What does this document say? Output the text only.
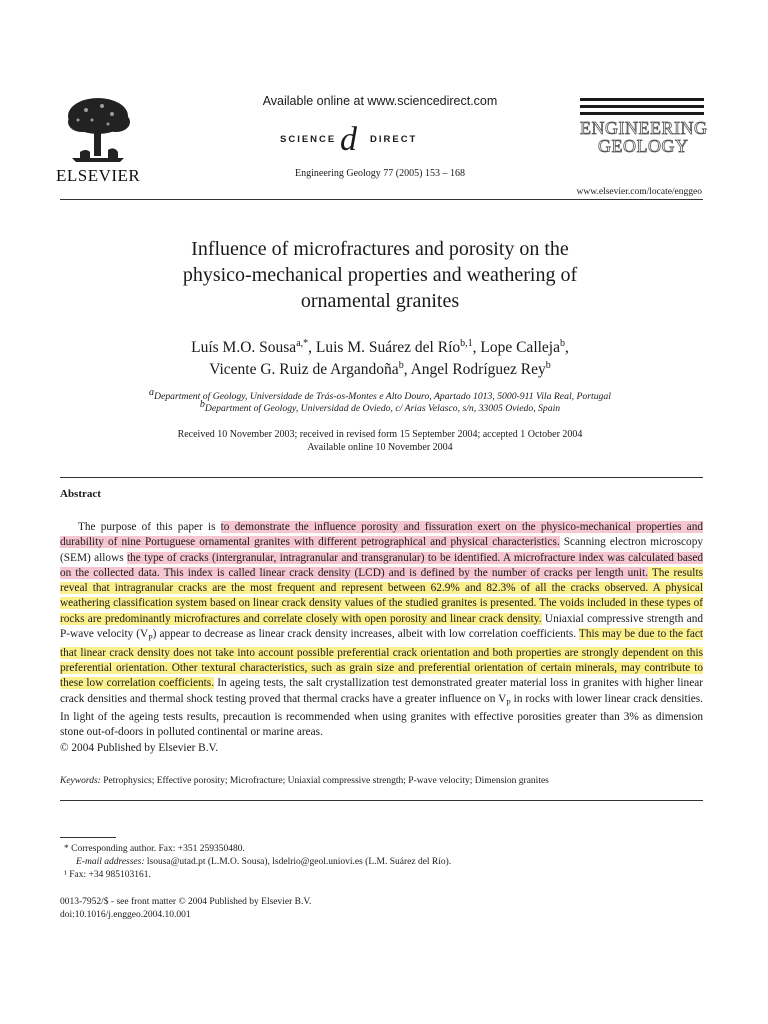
ELSEVIER
Available online at www.sciencedirect.com
SCIENCE d DIRECT
Engineering Geology 77 (2005) 153 – 168
ENGINEERING
GEOLOGY
www.elsevier.com/locate/enggeo
Influence of microfractures and porosity on the
physico-mechanical properties and weathering of
ornamental granites
Luís M.O. Sousa$^{a,*}$, Luis M. Suárez del Río$^{b,1}$, Lope Calleja$^b$,
Vicente G. Ruiz de Argandoña$^b$, Angel Rodríguez Rey$^b$
$^a$Department of Geology, Universidade de Trás-os-Montes e Alto Douro, Apartado 1013, 5000-911 Vila Real, Portugal
$^b$Department of Geology, Universidad de Oviedo, c/ Arias Velasco, s/n, 33005 Oviedo, Spain
Received 10 November 2003; received in revised form 15 September 2004; accepted 1 October 2004
Available online 10 November 2004
Abstract
The purpose of this paper is to demonstrate the influence porosity and fissuration exert on the physico-mechanical properties and durability of nine Portuguese ornamental granites with different petrographical and physical characteristics. Scanning electron microscopy (SEM) allows the type of cracks (intergranular, intragranular and transgranular) to be identified. A microfracture index was calculated based on the collected data. This index is called linear crack density (LCD) and is defined by the number of cracks per length unit. The results reveal that intragranular cracks are the most frequent and represent between 62.9% and 82.3% of all the cracks observed. A physical weathering classification system based on linear crack density values of the studied granites is presented. The voids included in these types of rocks are predominantly microfractures and correlate closely with open porosity and linear crack density. Uniaxial compressive strength and P-wave velocity $(V_P)$ appear to decrease as linear crack density increases, albeit with low correlation coefficients. This may be due to the fact that linear crack density does not take into account possible preferential crack orientation and both properties are strongly dependent on this preferential orientation. Other textural characteristics, such as grain size and preferential orientation of certain minerals, may contribute to these low correlation coefficients. In ageing tests, the salt crystallization test demonstrated greater material loss in granites with higher linear crack densities and thermal shock testing proved that thermal cracks have a greater influence on $V_P$ in rocks with lower linear crack densities. In light of the ageing tests results, precaution is recommended when using granites with effective porosities greater than 3% as dimension stone out-of-doors in polluted continental or marine areas.
© 2004 Published by Elsevier B.V.
Keywords: Petrophysics; Effective porosity; Microfracture; Uniaxial compressive strength; P-wave velocity; Dimension granites
* Corresponding author. Fax: +351 259350480.
E-mail addresses: lsousa@utad.pt (L.M.O. Sousa), lsdelrio@geol.uniovi.es (L.M. Suárez del Río).
¹ Fax: +34 985103161.
0013-7952/$ - see front matter © 2004 Published by Elsevier B.V.
doi:10.1016/j.enggeo.2004.10.001
